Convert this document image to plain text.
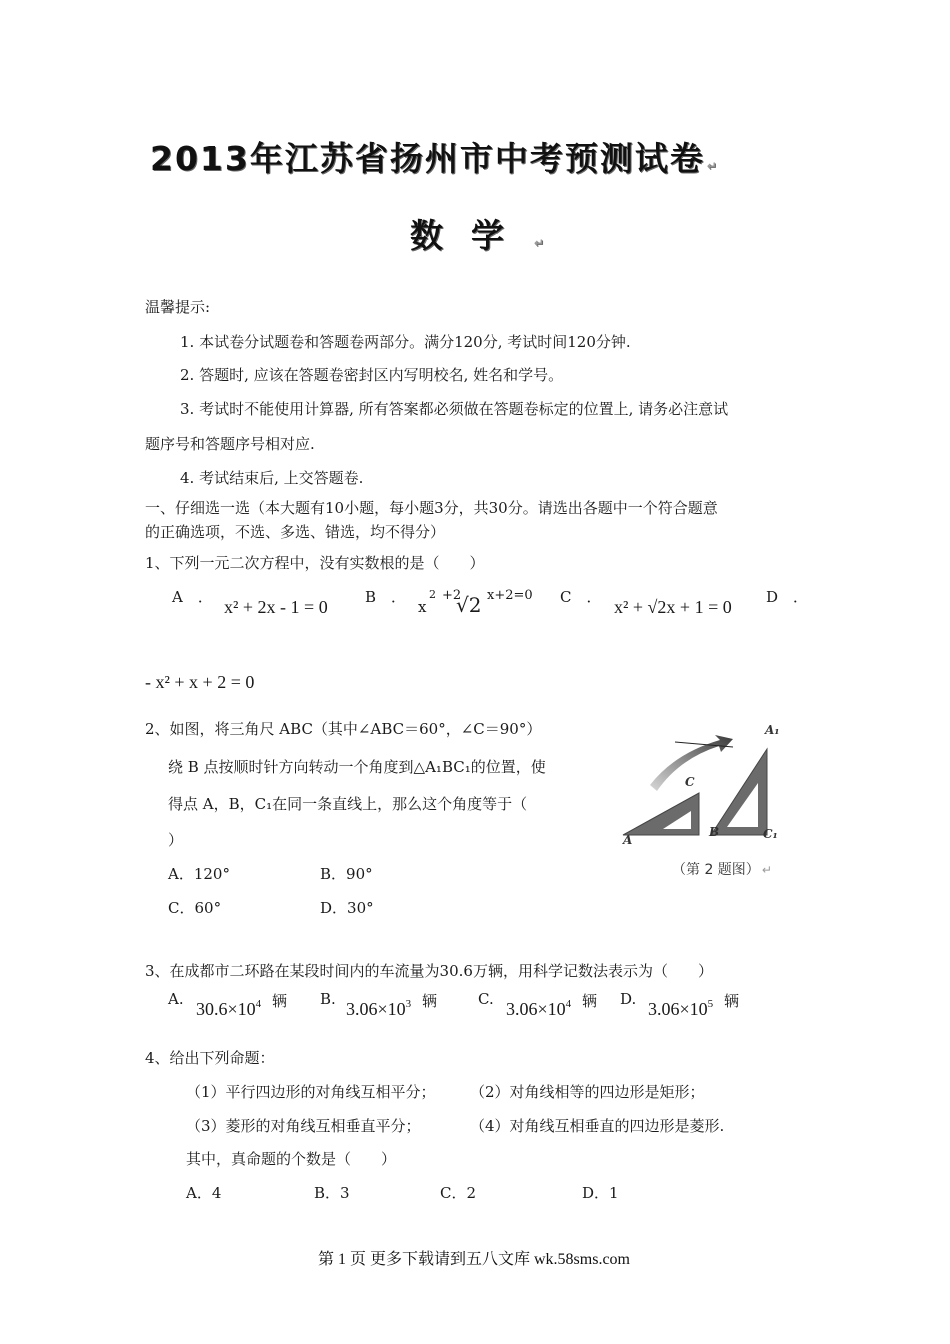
2013年江苏省扬州市中考预测试卷 ↵
数学 ↵
温馨提示:
1. 本试卷分试题卷和答题卷两部分。满分120分, 考试时间120分钟.
2. 答题时, 应该在答题卷密封区内写明校名, 姓名和学号。
3. 考试时不能使用计算器, 所有答案都必须做在答题卷标定的位置上, 请务必注意试
题序号和答题序号相对应.
4. 考试结束后, 上交答题卷.
一、仔细选一选（本大题有10小题，每小题3分，共30分。请选出各题中一个符合题意
的正确选项，不选、多选、错选，均不得分）
1、下列一元二次方程中，没有实数根的是（　　）
A　． x² + 2x - 1 = 0 B　．
x
2 +2
√2 x+2=0 C　． x² + √2x + 1 = 0 D　．
- x² + x + 2 = 0
2、如图，将三角尺 ABC（其中∠ABC＝60°，∠C＝90°）
绕 B 点按顺时针方向转动一个角度到△A₁BC₁的位置，使
得点 A，B，C₁在同一条直线上，那么这个角度等于（
）
A．120°	B．90°
C．60°	D．30°
A₁
C
A
B	C₁
（第 2 题图） ↵
3、在成都市二环路在某段时间内的车流量为30.6万辆，用科学记数法表示为（　　）
A. $30.6\times 10^4$ 辆 B. $3.06\times 10^3$ 辆	C. $3.06\times 10^4$ 辆 D. $3.06\times 10^5$ 辆
4、给出下列命题：
（1）平行四边形的对角线互相平分； （2）对角线相等的四边形是矩形；
（3）菱形的对角线互相垂直平分；	（4）对角线互相垂直的四边形是菱形.
其中，真命题的个数是（　　）
A．4	B．3	C．2	D．1
第 1 页 更多下载请到五八文库 wk.58sms.com
